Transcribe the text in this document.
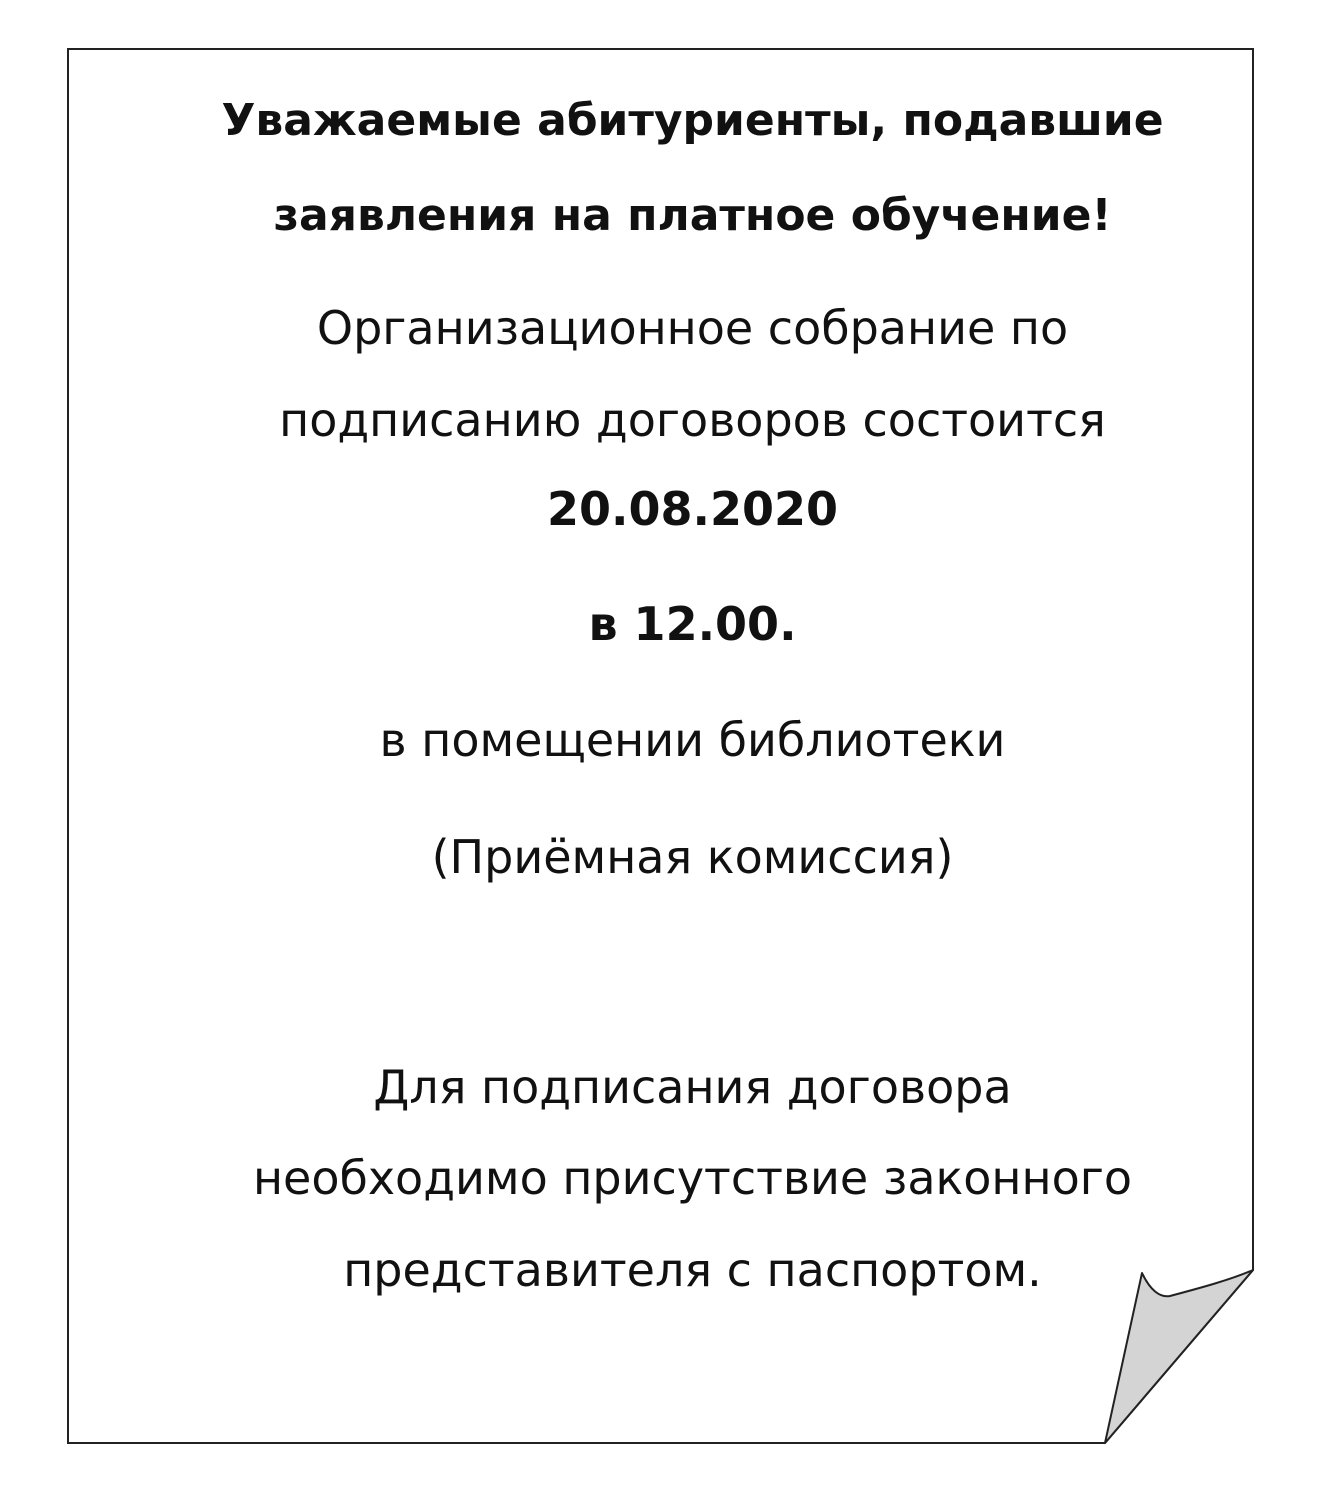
Уважаемые абитуриенты, подавшие
заявления на платное обучение!
Организационное собрание по
подписанию договоров состоится
20.08.2020
в 12.00.
в помещении библиотеки
(Приёмная комиссия)
Для подписания договора
необходимо присутствие законного
представителя с паспортом.
